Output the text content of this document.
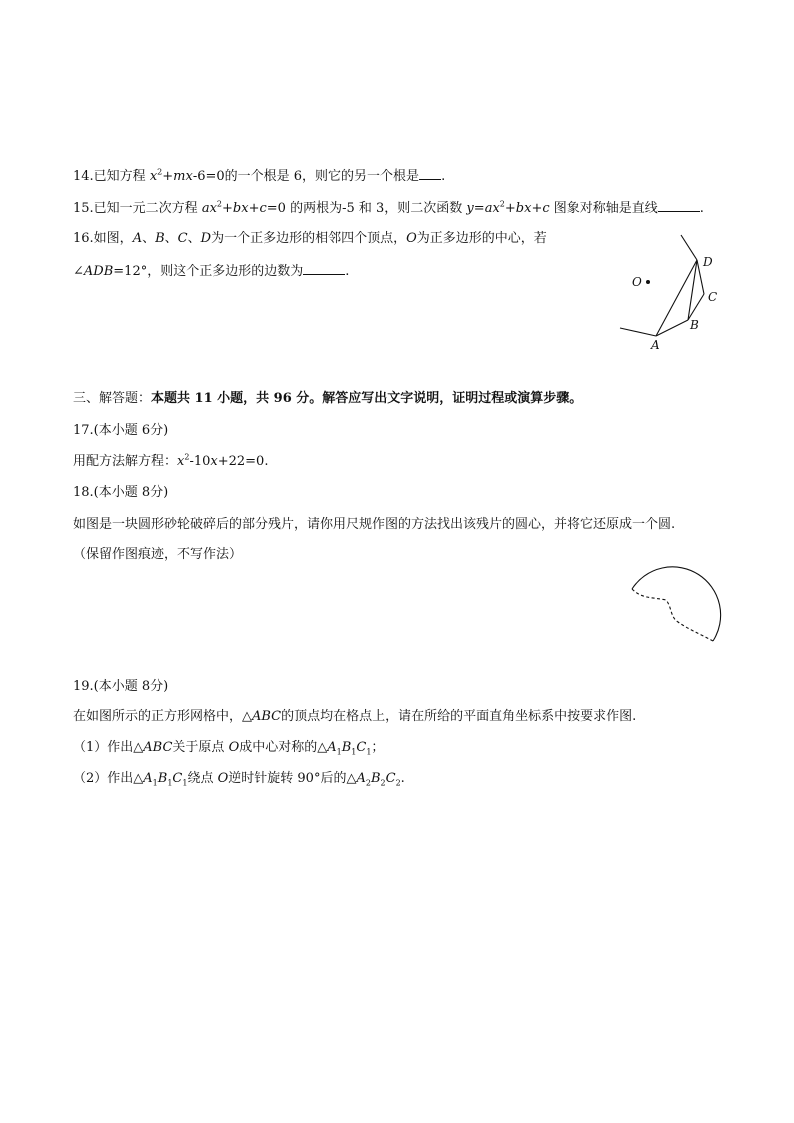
14.已知方程 $x^2+mx-6=0$的一个根是 6，则它的另一个根是 .
15.已知一元二次方程 $ax^2+bx+c=0$ 的两根为-5 和 3，则二次函数 $y=ax^2+bx+c$ 图象对称轴是直线	.
16.如图，A、B、C、D为一个正多边形的相邻四个顶点，O为正多边形的中心，若
∠ADB=12°，则这个正多边形的边数为	.
O
A
B
C
D
三、解答题：本题共 11 小题，共 96 分。解答应写出文字说明，证明过程或演算步骤。
17.(本小题 6分)
用配方法解方程：$x^2-10x+22=0$.
18.(本小题 8分)
如图是一块圆形砂轮破碎后的部分残片，请你用尺规作图的方法找出该残片的圆心，并将它还原成一个圆.
（保留作图痕迹，不写作法）
19.(本小题 8分)
在如图所示的正方形网格中，△ABC的顶点均在格点上，请在所给的平面直角坐标系中按要求作图.
（1）作出△ABC关于原点 O成中心对称的$\triangle A_1B_1C_1$；
（2）作出$\triangle A_1B_1C_1$绕点 O逆时针旋转 90°后的$\triangle A_2B_2C_2$.
